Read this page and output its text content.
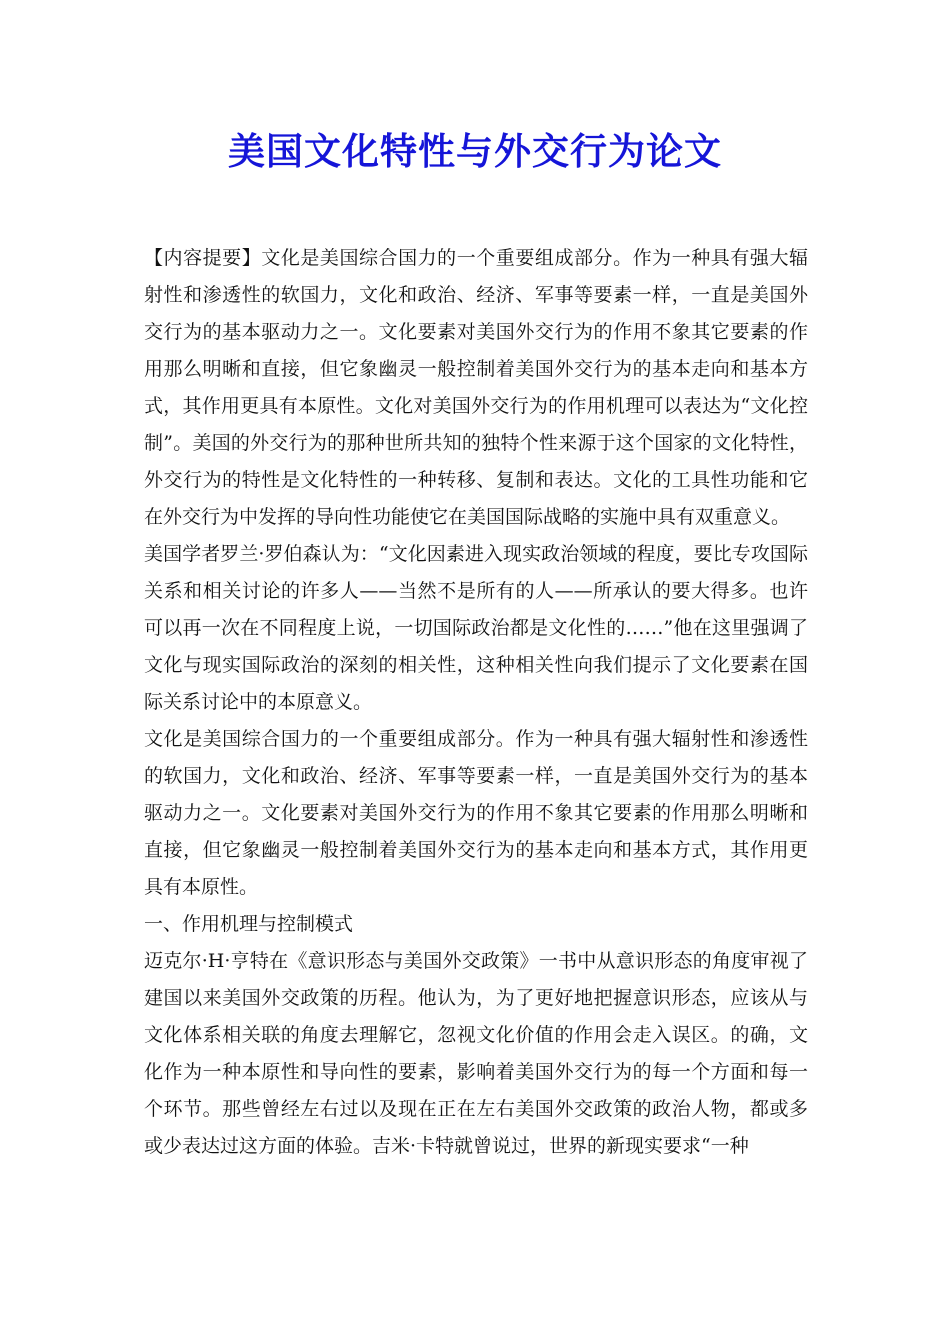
美国文化特性与外交行为论文

【内容提要】文化是美国综合国力的一个重要组成部分。作为一种具有强大辐射性和渗透性的软国力，文化和政治、经济、军事等要素一样，一直是美国外交行为的基本驱动力之一。文化要素对美国外交行为的作用不象其它要素的作用那么明晰和直接，但它象幽灵一般控制着美国外交行为的基本走向和基本方式，其作用更具有本原性。文化对美国外交行为的作用机理可以表达为“文化控制”。美国的外交行为的那种世所共知的独特个性来源于这个国家的文化特性，外交行为的特性是文化特性的一种转移、复制和表达。文化的工具性功能和它在外交行为中发挥的导向性功能使它在美国国际战略的实施中具有双重意义。

美国学者罗兰·罗伯森认为：“文化因素进入现实政治领域的程度，要比专攻国际关系和相关讨论的许多人——当然不是所有的人——所承认的要大得多。也许可以再一次在不同程度上说，一切国际政治都是文化性的……”他在这里强调了文化与现实国际政治的深刻的相关性，这种相关性向我们提示了文化要素在国际关系讨论中的本原意义。

文化是美国综合国力的一个重要组成部分。作为一种具有强大辐射性和渗透性的软国力，文化和政治、经济、军事等要素一样，一直是美国外交行为的基本驱动力之一。文化要素对美国外交行为的作用不象其它要素的作用那么明晰和直接，但它象幽灵一般控制着美国外交行为的基本走向和基本方式，其作用更具有本原性。

一、作用机理与控制模式

迈克尔·H·亨特在《意识形态与美国外交政策》一书中从意识形态的角度审视了建国以来美国外交政策的历程。他认为，为了更好地把握意识形态，应该从与文化体系相关联的角度去理解它，忽视文化价值的作用会走入误区。的确，文化作为一种本原性和导向性的要素，影响着美国外交行为的每一个方面和每一个环节。那些曾经左右过以及现在正在左右美国外交政策的政治人物，都或多或少表达过这方面的体验。吉米·卡特就曾说过，世界的新现实要求“一种
